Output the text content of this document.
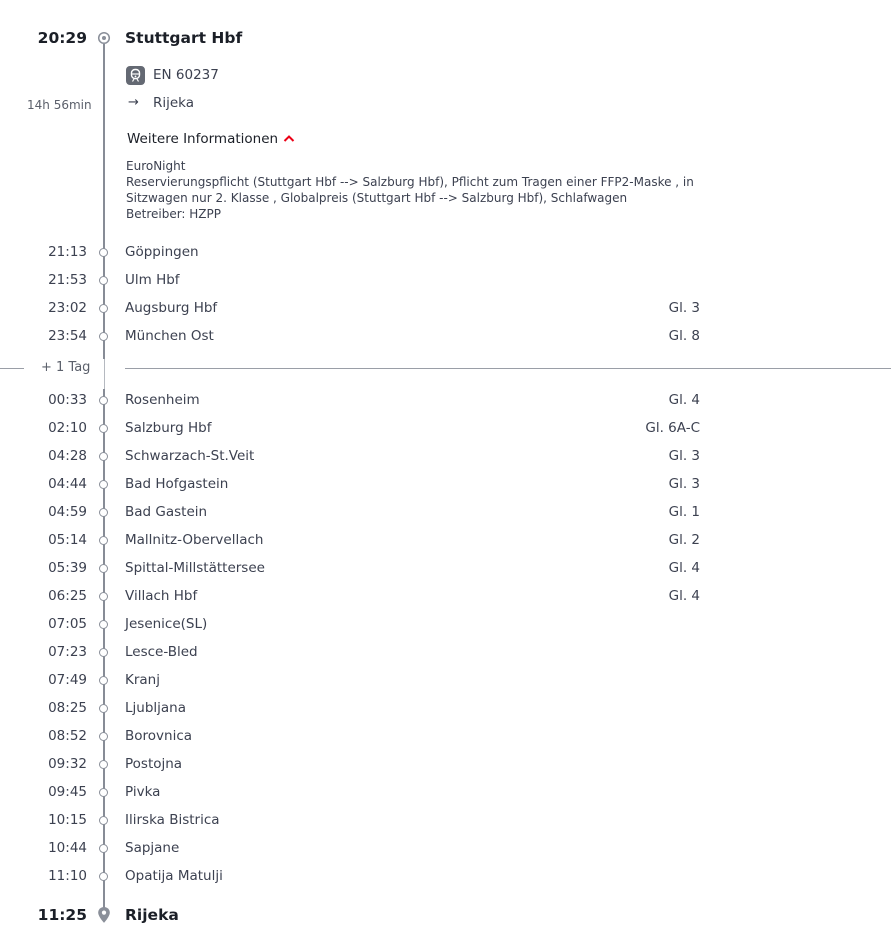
20:29 Stuttgart Hbf
EN 60237
14h 56min	→ Rijeka
Weitere Informationen
EuroNight
Reservierungspflicht (Stuttgart Hbf --> Salzburg Hbf), Pflicht zum Tragen einer FFP2-Maske , in
Sitzwagen nur 2. Klasse , Globalpreis (Stuttgart Hbf --> Salzburg Hbf), Schlafwagen
Betreiber: HZPP
21:13	Göppingen
21:53	Ulm Hbf
23:02	Augsburg Hbf	Gl. 3
23:54	München Ost	Gl. 8
+ 1 Tag
00:33	Rosenheim	Gl. 4
02:10	Salzburg Hbf	Gl. 6A-C
04:28	Schwarzach-St.Veit	Gl. 3
04:44	Bad Hofgastein	Gl. 3
04:59	Bad Gastein	Gl. 1
05:14	Mallnitz-Obervellach	Gl. 2
05:39	Spittal-Millstättersee	Gl. 4
06:25	Villach Hbf	Gl. 4
07:05	Jesenice(SL)
07:23	Lesce-Bled
07:49	Kranj
08:25	Ljubljana
08:52	Borovnica
09:32	Postojna
09:45	Pivka
10:15	Ilirska Bistrica
10:44	Sapjane
11:10	Opatija Matulji
11:25 Rijeka
